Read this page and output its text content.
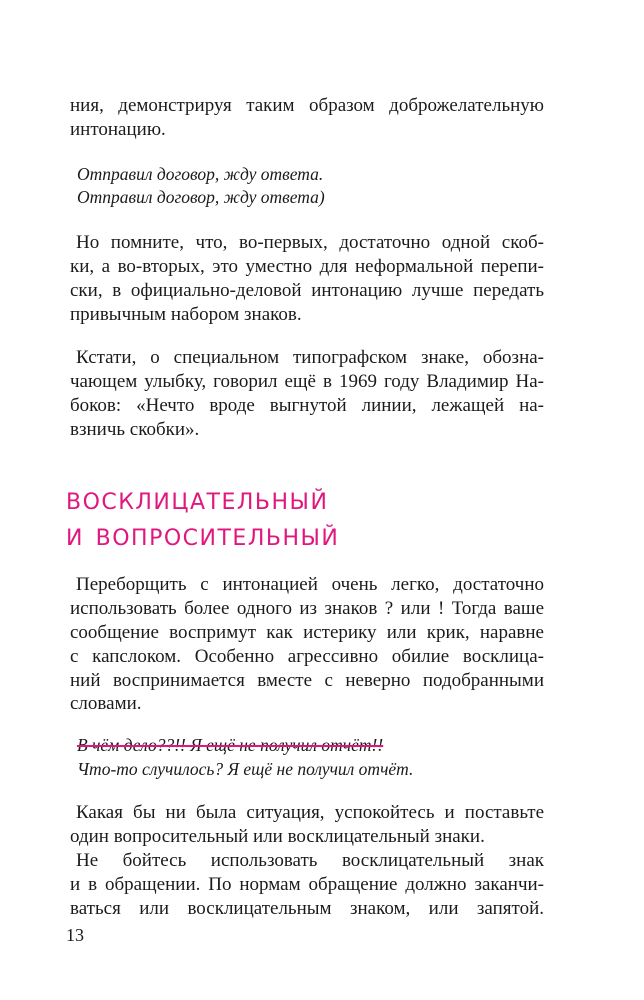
ния, демонстрируя таким образом доброжелательную
интонацию.
Отправил договор, жду ответа.
Отправил договор, жду ответа)
Но помните, что, во-первых, достаточно одной скоб-
ки, а во-вторых, это уместно для неформальной перепи-
ски, в официально-деловой интонацию лучше передать
привычным набором знаков.
Кстати, о специальном типографском знаке, обозна-
чающем улыбку, говорил ещё в 1969 году Владимир На-
боков: «Нечто вроде выгнутой линии, лежащей на-
взничь скобки».
восклицательный
и вопросительный
Переборщить с интонацией очень легко, достаточно
использовать более одного из знаков ? или ! Тогда ваше
сообщение воспримут как истерику или крик, наравне
с капслоком. Особенно агрессивно обилие восклица-
ний воспринимается вместе с неверно подобранными
словами.
В чём дело??!! Я ещё не получил отчёт!!
Что-то случилось? Я ещё не получил отчёт.
Какая бы ни была ситуация, успокойтесь и поставьте
один вопросительный или восклицательный знаки.
Не бойтесь использовать восклицательный знак
и в обращении. По нормам обращение должно заканчи-
ваться или восклицательным знаком, или запятой.
13
